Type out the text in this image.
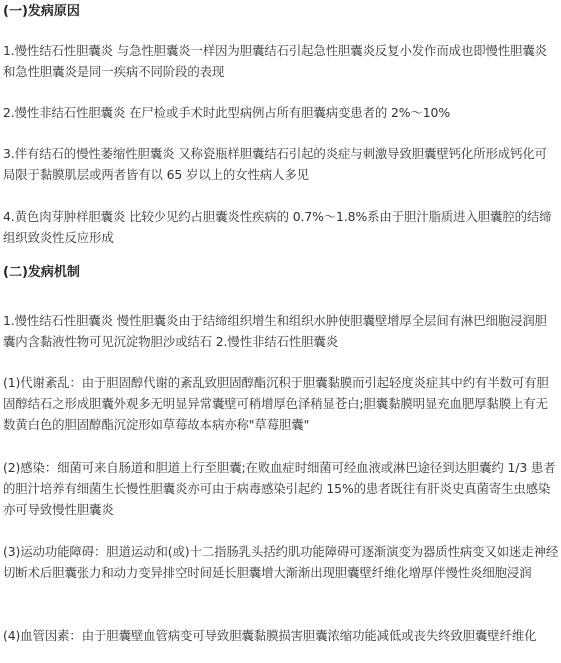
(一)发病原因

1.慢性结石性胆囊炎 与急性胆囊炎一样因为胆囊结石引起急性胆囊炎反复小发作而成也即慢性胆囊炎和急性胆囊炎是同一疾病不同阶段的表现

2.慢性非结石性胆囊炎 在尸检或手术时此型病例占所有胆囊病变患者的 2%～10%

3.伴有结石的慢性萎缩性胆囊炎 又称瓷瓶样胆囊结石引起的炎症与刺激导致胆囊壁钙化所形成钙化可局限于黏膜肌层或两者皆有以 65 岁以上的女性病人多见

4.黄色肉芽肿样胆囊炎 比较少见约占胆囊炎性疾病的 0.7%～1.8%系由于胆汁脂质进入胆囊腔的结缔组织致炎性反应形成

(二)发病机制

1.慢性结石性胆囊炎 慢性胆囊炎由于结缔组织增生和组织水肿使胆囊壁增厚全层间有淋巴细胞浸润胆囊内含黏液性物可见沉淀物胆沙或结石 2.慢性非结石性胆囊炎

(1)代谢紊乱：由于胆固醇代谢的紊乱致胆固醇酯沉积于胆囊黏膜而引起轻度炎症其中约有半数可有胆固醇结石之形成胆囊外观多无明显异常囊壁可稍增厚色泽稍显苍白;胆囊黏膜明显充血肥厚黏膜上有无数黄白色的胆固醇酯沉淀形如草莓故本病亦称"草莓胆囊"

(2)感染：细菌可来自肠道和胆道上行至胆囊;在败血症时细菌可经血液或淋巴途径到达胆囊约 1/3 患者的胆汁培养有细菌生长慢性胆囊炎亦可由于病毒感染引起约 15%的患者既往有肝炎史真菌寄生虫感染亦可导致慢性胆囊炎

(3)运动功能障碍：胆道运动和(或)十二指肠乳头括约肌功能障碍可逐渐演变为器质性病变又如迷走神经切断术后胆囊张力和动力变异排空时间延长胆囊增大渐渐出现胆囊壁纤维化增厚伴慢性炎细胞浸润

(4)血管因素：由于胆囊壁血管病变可导致胆囊黏膜损害胆囊浓缩功能减低或丧失终致胆囊壁纤维化
